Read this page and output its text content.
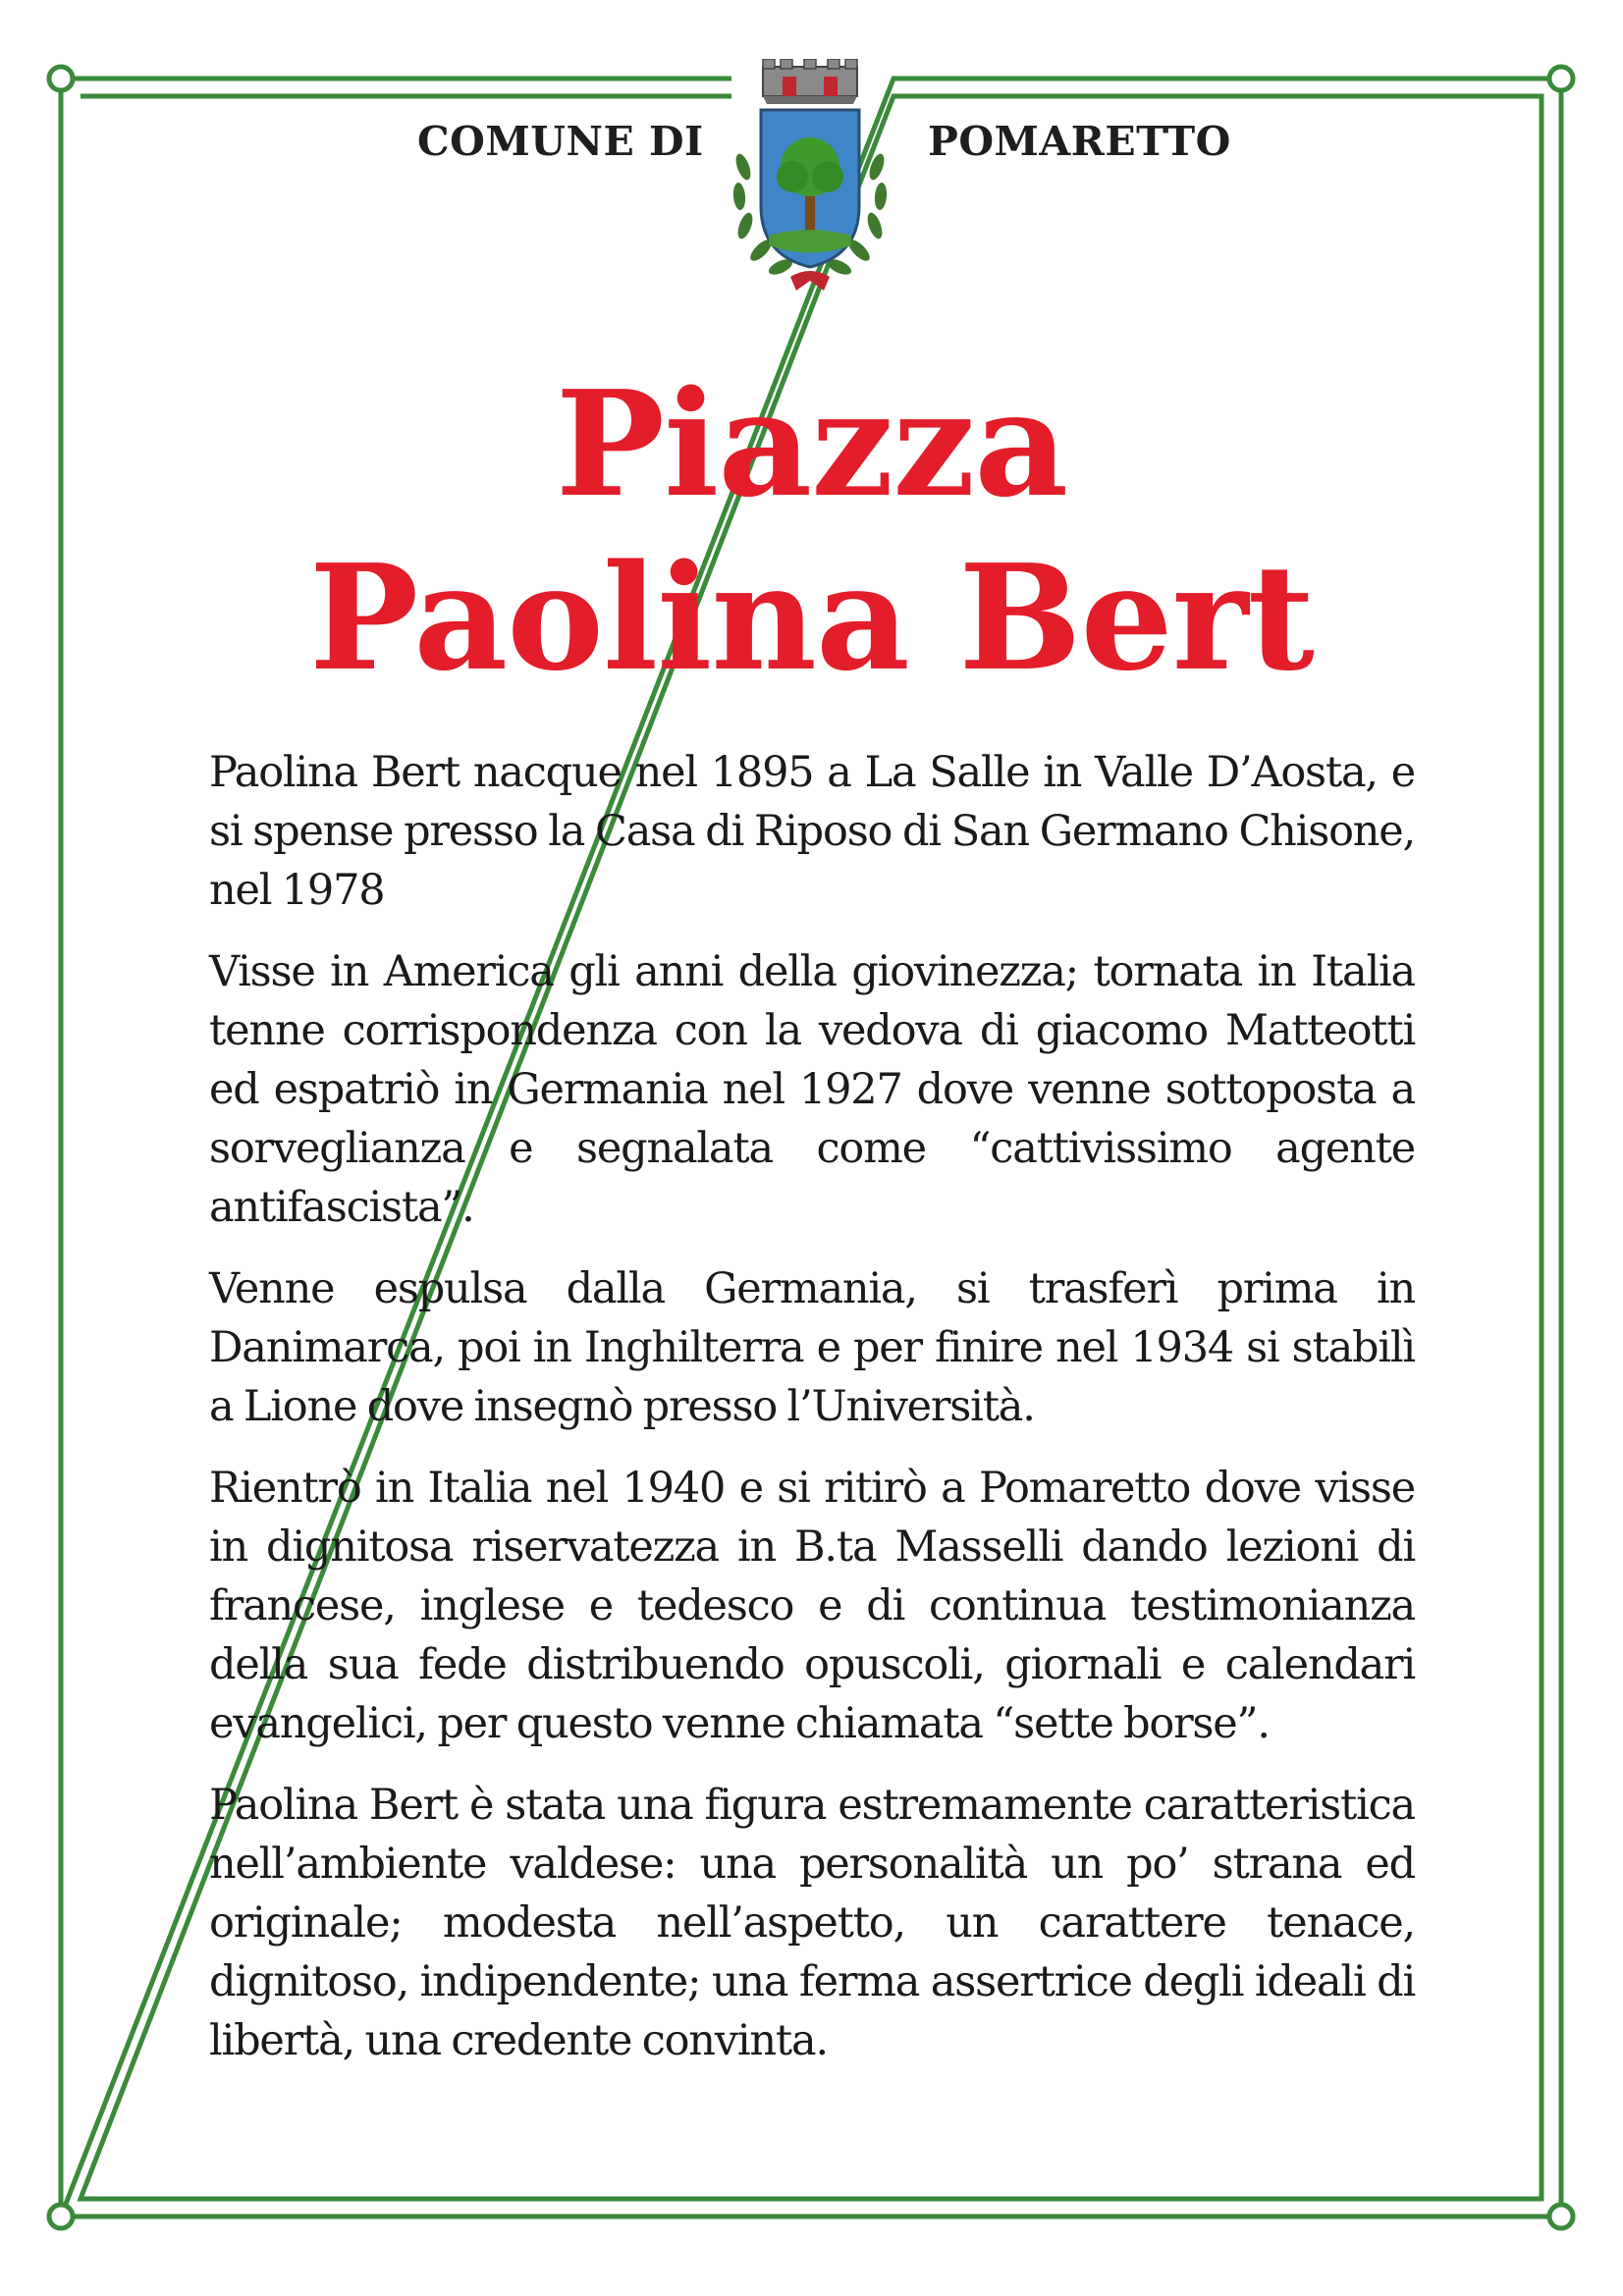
COMUNE DI	POMARETTO
Piazza
Paolina Bert

Paolina Bert nacque nel 1895 a La Salle in Valle D’Aosta, e si spense presso la Casa di Riposo di San Germano Chisone, nel 1978

Visse in America gli anni della giovinezza; tornata in Italia tenne corrispondenza con la vedova di giacomo Matteotti ed espatriò in Germania nel 1927 dove venne sottoposta a sorveglianza e segnalata come “cattivissimo agente antifascista”.

Venne espulsa dalla Germania, si trasferì prima in Danimarca, poi in Inghilterra e per finire nel 1934 si stabilì a Lione dove insegnò presso l’Università.

Rientrò in Italia nel 1940 e si ritirò a Pomaretto dove visse in dignitosa riservatezza in B.ta Masselli dando lezioni di francese, inglese e tedesco e di continua testimonianza della sua fede distribuendo opuscoli, giornali e calendari evangelici, per questo venne chiamata “sette borse”.

Paolina Bert è stata una figura estremamente caratteristica nell’ambiente valdese: una personalità un po’ strana ed originale; modesta nell’aspetto, un carattere tenace, dignitoso, indipendente; una ferma assertrice degli ideali di libertà, una credente convinta.
